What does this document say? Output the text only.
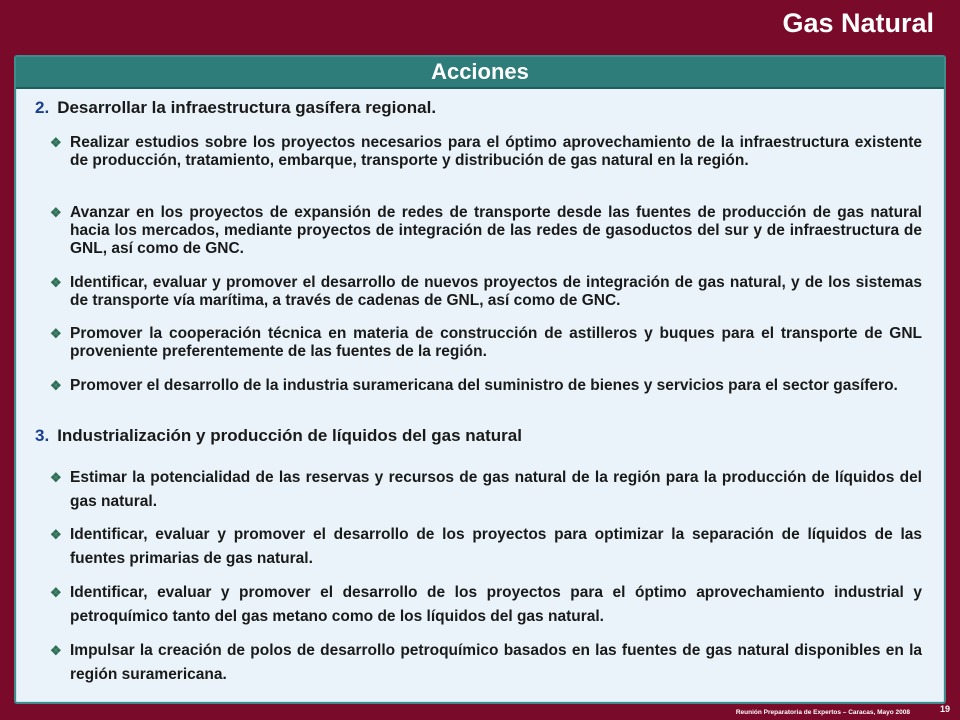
Gas Natural
Acciones
2. Desarrollar la infraestructura gasífera regional.
❖ Realizar estudios sobre los proyectos necesarios para el óptimo aprovechamiento de la infraestructura existente de producción, tratamiento, embarque, transporte y distribución de gas natural en la región.
❖ Avanzar en los proyectos de expansión de redes de transporte desde las fuentes de producción de gas natural hacia los mercados, mediante proyectos de integración de las redes de gasoductos del sur y de infraestructura de GNL, así como de GNC.
❖ Identificar, evaluar y promover el desarrollo de nuevos proyectos de integración de gas natural, y de los sistemas de transporte vía marítima, a través de cadenas de GNL, así como de GNC.
❖ Promover la cooperación técnica en materia de construcción de astilleros y buques para el transporte de GNL proveniente preferentemente de las fuentes de la región.
❖ Promover el desarrollo de la industria suramericana del suministro de bienes y servicios para el sector gasífero.
3. Industrialización y producción de líquidos del gas natural
❖ Estimar la potencialidad de las reservas y recursos de gas natural de la región para la producción de líquidos del gas natural.
❖ Identificar, evaluar y promover el desarrollo de los proyectos para optimizar la separación de líquidos de las fuentes primarias de gas natural.
❖ Identificar, evaluar y promover el desarrollo de los proyectos para el óptimo aprovechamiento industrial y petroquímico tanto del gas metano como de los líquidos del gas natural.
❖ Impulsar la creación de polos de desarrollo petroquímico basados en las fuentes de gas natural disponibles en la región suramericana.
Reunión Preparatoria de Expertos – Caracas, Mayo 2008	19
